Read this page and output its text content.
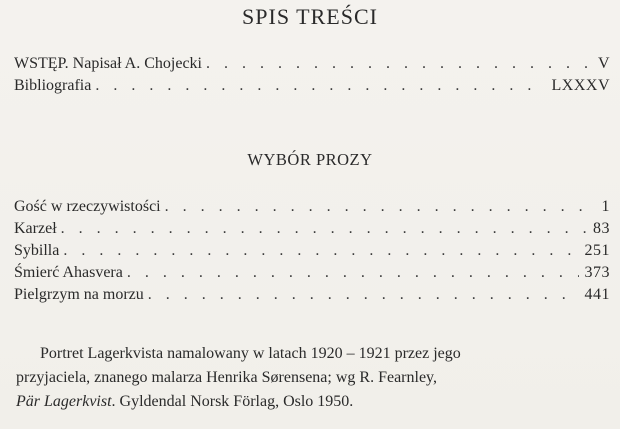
SPIS TREŚCI
WSTĘP. Napisał A. Chojecki . . .	V
Bibliografia . . .	LXXXV
WYBÓR PROZY
Gość w rzeczywistości . . .	1
Karzeł . . .	83
Sybilla . . .	251
Śmierć Ahasvera . . .	373
Pielgrzym na morzu . . .	441

Portret Lagerkvista namalowany w latach 1920 – 1921 przez jego
przyjaciela, znanego malarza Henrika Sørensena; wg R. Fearnley,
Pär Lagerkvist. Gyldendal Norsk Förlag, Oslo 1950.
